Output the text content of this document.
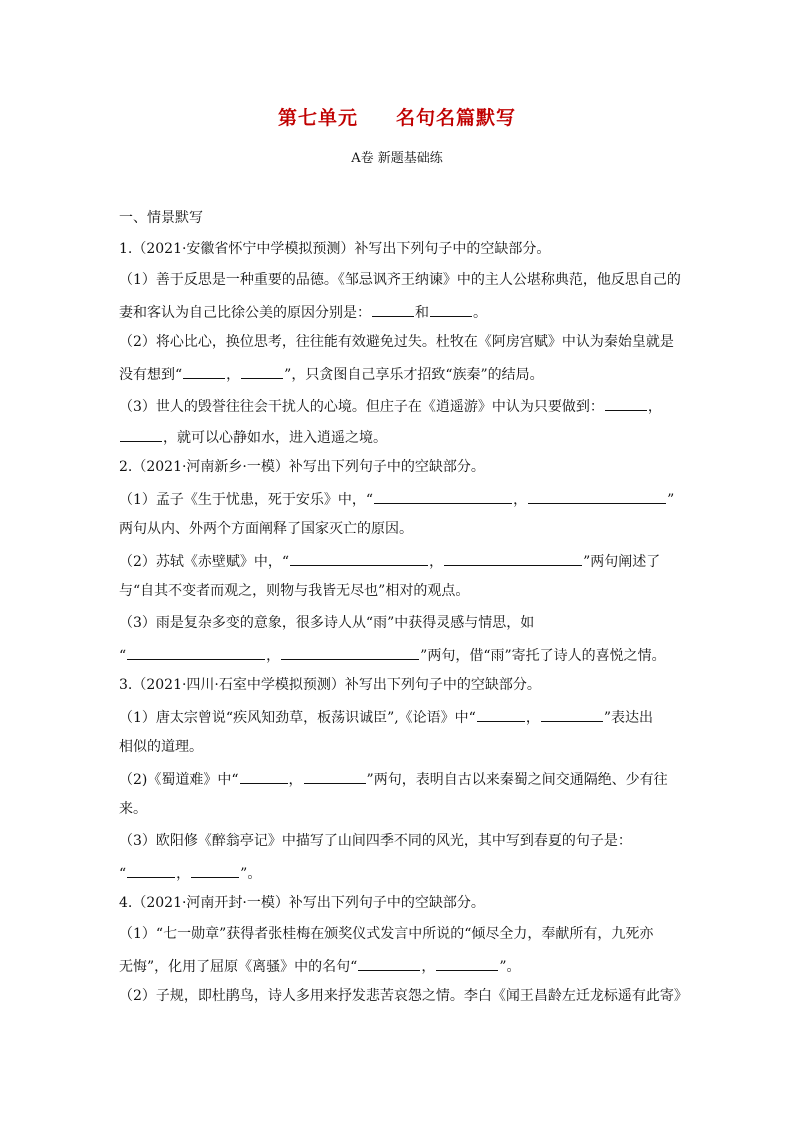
第七单元 名句名篇默写
A卷 新题基础练
一、情景默写
1.（2021·安徽省怀宁中学模拟预测）补写出下列句子中的空缺部分。
（1）善于反思是一种重要的品德。《邹忌讽齐王纳谏》中的主人公堪称典范，他反思自己的
妻和客认为自己比徐公美的原因分别是：	和	。
（2）将心比心，换位思考，往往能有效避免过失。杜牧在《阿房宫赋》中认为秦始皇就是
没有想到“	，	”，只贪图自己享乐才招致“族秦”的结局。
（3）世人的毁誉往往会干扰人的心境。但庄子在《逍遥游》中认为只要做到：	，
，就可以心静如水，进入逍遥之境。
2.（2021·河南新乡·一模）补写出下列句子中的空缺部分。
（1）孟子《生于忧患，死于安乐》中，“	，	”
两句从内、外两个方面阐释了国家灭亡的原因。
（2）苏轼《赤壁赋》中，“	，	”两句阐述了
与“自其不变者而观之，则物与我皆无尽也”相对的观点。
（3）雨是复杂多变的意象，很多诗人从“雨”中获得灵感与情思，如
“	，	”两句，借“雨”寄托了诗人的喜悦之情。
3.（2021·四川·石室中学模拟预测）补写出下列句子中的空缺部分。
（1）唐太宗曾说“疾风知劲草，板荡识诚臣”,《论语》中“	，	”表达出
相似的道理。
（2)《蜀道难》中“	，	”两句，表明自古以来秦蜀之间交通隔绝、少有往
来。
（3）欧阳修《醉翁亭记》中描写了山间四季不同的风光，其中写到春夏的句子是：
“	，	”。
4.（2021·河南开封·一模）补写出下列句子中的空缺部分。
（1）“七一勋章”获得者张桂梅在颁奖仪式发言中所说的“倾尽全力，奉献所有，九死亦
无悔”，化用了屈原《离骚》中的名句“	，	”。
（2）子规，即杜鹃鸟，诗人多用来抒发悲苦哀怨之情。李白《闻王昌龄左迁龙标遥有此寄》
